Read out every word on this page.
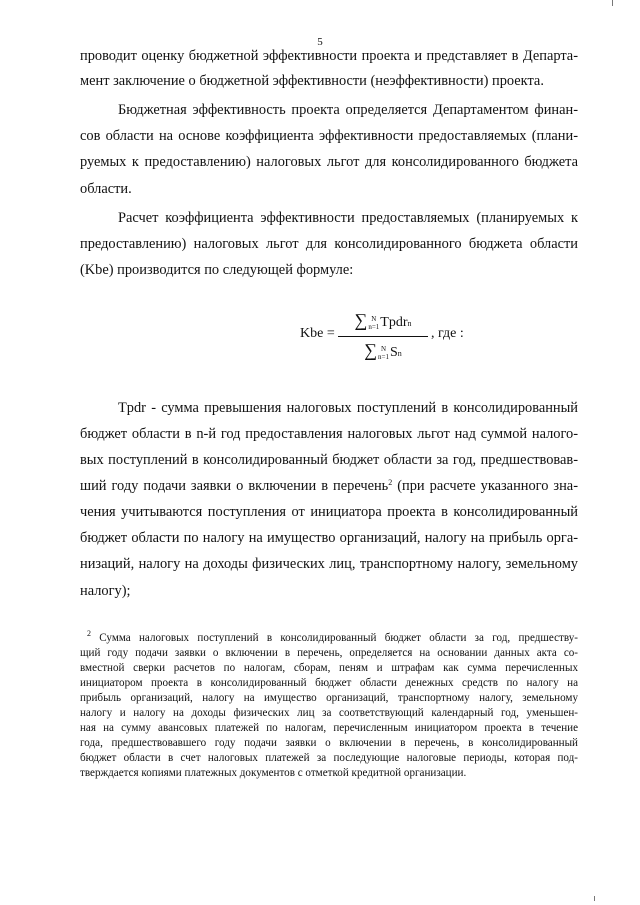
5
проводит оценку бюджетной эффективности проекта и представляет в Департа-
мент заключение о бюджетной эффективности (неэффективности) проекта.
Бюджетная эффективность проекта определяется Департаментом финан-
сов области на основе коэффициента эффективности предоставляемых (плани-
руемых к предоставлению) налоговых льгот для консолидированного бюджета
области.
Расчет коэффициента эффективности предоставляемых (планируемых к
предоставлению) налоговых льгот для консолидированного бюджета области
(Kbe) производится по следующей формуле:
Kbe =
∑ N
n=1Tpdrn
∑ N
n=1Sn
, где :
Tpdr - сумма превышения налоговых поступлений в консолидированный
бюджет области в n-й год предоставления налоговых льгот над суммой налого-
вых поступлений в консолидированный бюджет области за год, предшествовав-
ший году подачи заявки о включении в перечень$^2$ (при расчете указанного зна-
чения учитываются поступления от инициатора проекта в консолидированный
бюджет области по налогу на имущество организаций, налогу на прибыль орга-
низаций, налогу на доходы физических лиц, транспортному налогу, земельному
налогу);
$^2$ Сумма налоговых поступлений в консолидированный бюджет области за год, предшеству-
щий году подачи заявки о включении в перечень, определяется на основании данных акта со-
вместной сверки расчетов по налогам, сборам, пеням и штрафам как сумма перечисленных
инициатором проекта в консолидированный бюджет области денежных средств по налогу на
прибыль организаций, налогу на имущество организаций, транспортному налогу, земельному
налогу и налогу на доходы физических лиц за соответствующий календарный год, уменьшен-
ная на сумму авансовых платежей по налогам, перечисленным инициатором проекта в течение
года, предшествовавшего году подачи заявки о включении в перечень, в консолидированный
бюджет области в счет налоговых платежей за последующие налоговые периоды, которая под-
тверждается копиями платежных документов с отметкой кредитной организации.
